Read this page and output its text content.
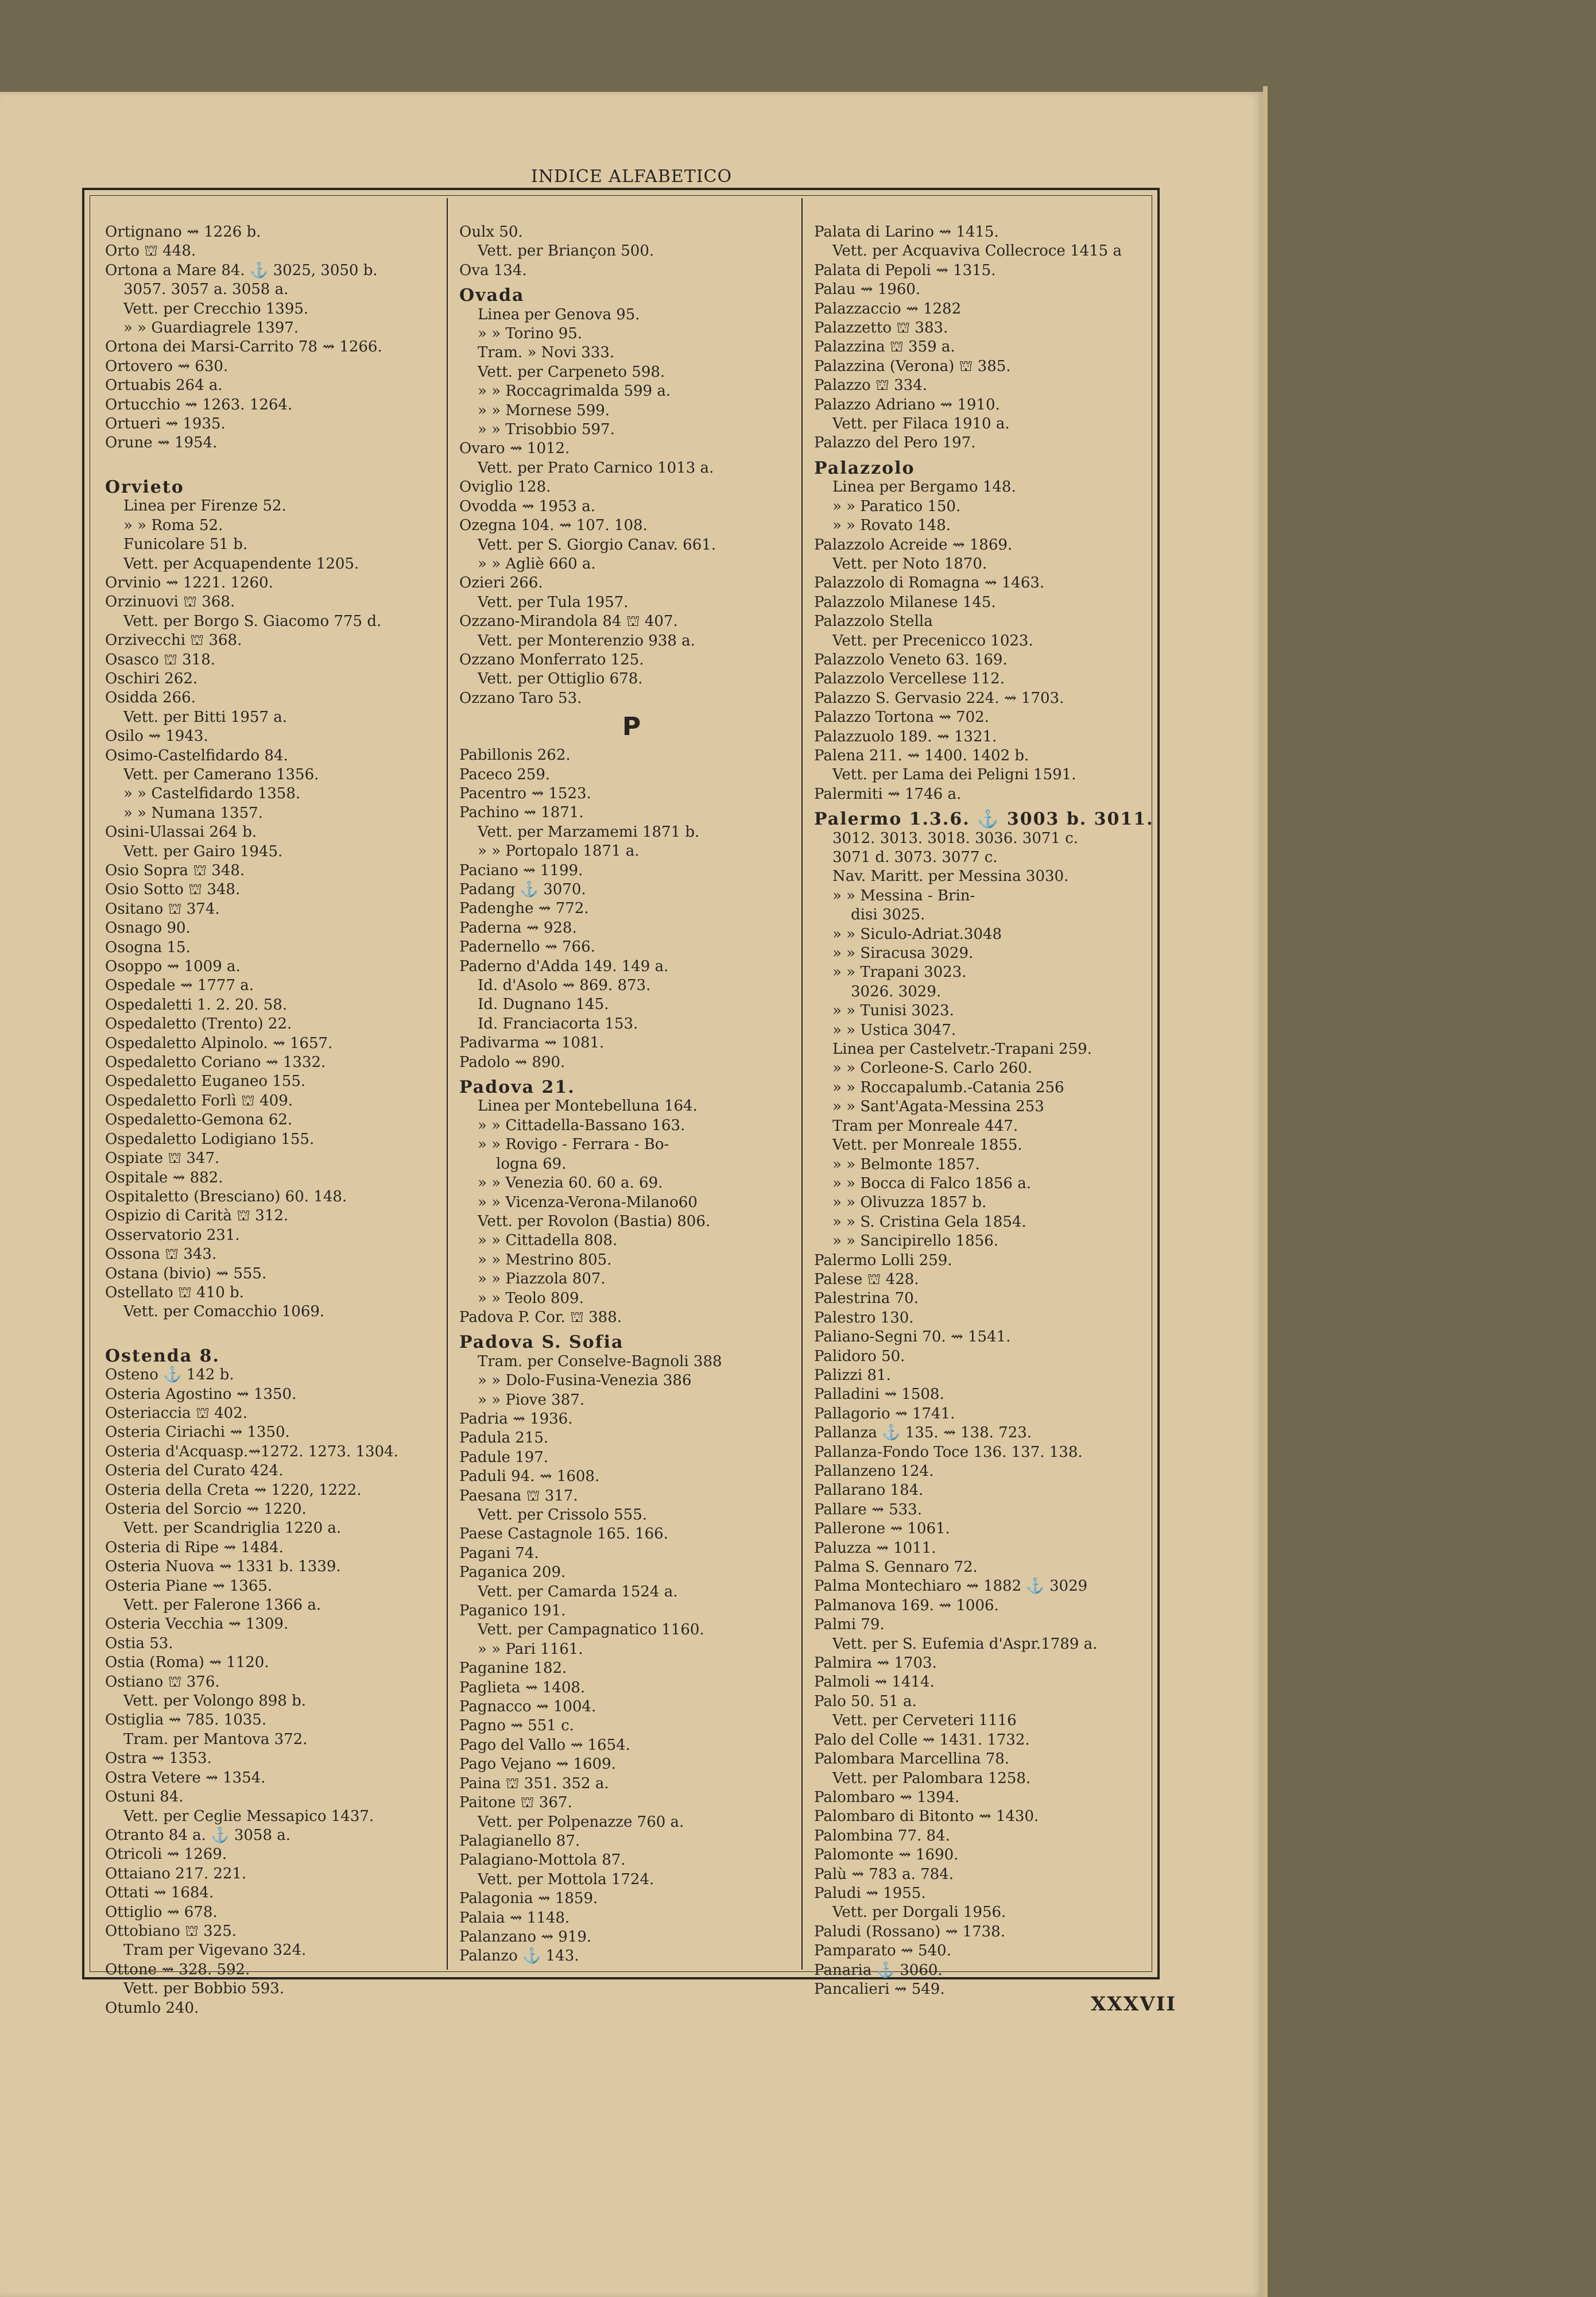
INDICE ALFABETICO
Ortignano ⇝ 1226 b.
Orto ⛫ 448.
Ortona a Mare 84. ⚓ 3025, 3050 b.
3057. 3057 a. 3058 a.
Vett. per Crecchio 1395.
» » Guardiagrele 1397.
Ortona dei Marsi-Carrito 78 ⇝ 1266.
Ortovero ⇝ 630.
Ortuabis 264 a.
Ortucchio ⇝ 1263. 1264.
Ortueri ⇝ 1935.
Orune ⇝ 1954.
Orvieto
Linea per Firenze 52.
» » Roma 52.
Funicolare 51 b.
Vett. per Acquapendente 1205.
Orvinio ⇝ 1221. 1260.
Orzinuovi ⛫ 368.
Vett. per Borgo S. Giacomo 775 d.
Orzivecchi ⛫ 368.
Osasco ⛫ 318.
Oschiri 262.
Osidda 266.
Vett. per Bitti 1957 a.
Osilo ⇝ 1943.
Osimo-Castelfidardo 84.
Vett. per Camerano 1356.
» » Castelfidardo 1358.
» » Numana 1357.
Osini-Ulassai 264 b.
Vett. per Gairo 1945.
Osio Sopra ⛫ 348.
Osio Sotto ⛫ 348.
Ositano ⛫ 374.
Osnago 90.
Osogna 15.
Osoppo ⇝ 1009 a.
Ospedale ⇝ 1777 a.
Ospedaletti 1. 2. 20. 58.
Ospedaletto (Trento) 22.
Ospedaletto Alpinolo. ⇝ 1657.
Ospedaletto Coriano ⇝ 1332.
Ospedaletto Euganeo 155.
Ospedaletto Forlì ⛫ 409.
Ospedaletto-Gemona 62.
Ospedaletto Lodigiano 155.
Ospiate ⛫ 347.
Ospitale ⇝ 882.
Ospitaletto (Bresciano) 60. 148.
Ospizio di Carità ⛫ 312.
Osservatorio 231.
Ossona ⛫ 343.
Ostana (bivio) ⇝ 555.
Ostellato ⛫ 410 b.
Vett. per Comacchio 1069.
Ostenda 8.
Osteno ⚓ 142 b.
Osteria Agostino ⇝ 1350.
Osteriaccia ⛫ 402.
Osteria Ciriachi ⇝ 1350.
Osteria d'Acquasp.⇝1272. 1273. 1304.
Osteria del Curato 424.
Osteria della Creta ⇝ 1220, 1222.
Osteria del Sorcio ⇝ 1220.
Vett. per Scandriglia 1220 a.
Osteria di Ripe ⇝ 1484.
Osteria Nuova ⇝ 1331 b. 1339.
Osteria Piane ⇝ 1365.
Vett. per Falerone 1366 a.
Osteria Vecchia ⇝ 1309.
Ostia 53.
Ostia (Roma) ⇝ 1120.
Ostiano ⛫ 376.
Vett. per Volongo 898 b.
Ostiglia ⇝ 785. 1035.
Tram. per Mantova 372.
Ostra ⇝ 1353.
Ostra Vetere ⇝ 1354.
Ostuni 84.
Vett. per Ceglie Messapico 1437.
Otranto 84 a. ⚓ 3058 a.
Otricoli ⇝ 1269.
Ottaiano 217. 221.
Ottati ⇝ 1684.
Ottiglio ⇝ 678.
Ottobiano ⛫ 325.
Tram per Vigevano 324.
Ottone ⇝ 328. 592.
Vett. per Bobbio 593.
Otumlo 240.
Oulx 50.
Vett. per Briançon 500.
Ova 134.
Ovada
Linea per Genova 95.
» » Torino 95.
Tram. » Novi 333.
Vett. per Carpeneto 598.
» » Roccagrimalda 599 a.
» » Mornese 599.
» » Trisobbio 597.
Ovaro ⇝ 1012.
Vett. per Prato Carnico 1013 a.
Oviglio 128.
Ovodda ⇝ 1953 a.
Ozegna 104. ⇝ 107. 108.
Vett. per S. Giorgio Canav. 661.
» » Agliè 660 a.
Ozieri 266.
Vett. per Tula 1957.
Ozzano-Mirandola 84 ⛫ 407.
Vett. per Monterenzio 938 a.
Ozzano Monferrato 125.
Vett. per Ottiglio 678.
Ozzano Taro 53.
P
Pabillonis 262.
Paceco 259.
Pacentro ⇝ 1523.
Pachino ⇝ 1871.
Vett. per Marzamemi 1871 b.
» » Portopalo 1871 a.
Paciano ⇝ 1199.
Padang ⚓ 3070.
Padenghe ⇝ 772.
Paderna ⇝ 928.
Padernello ⇝ 766.
Paderno d'Adda 149. 149 a.
Id. d'Asolo ⇝ 869. 873.
Id. Dugnano 145.
Id. Franciacorta 153.
Padivarma ⇝ 1081.
Padolo ⇝ 890.
Padova 21.
Linea per Montebelluna 164.
» » Cittadella-Bassano 163.
» » Rovigo - Ferrara - Bo-
logna 69.
» » Venezia 60. 60 a. 69.
» » Vicenza-Verona-Milano60
Vett. per Rovolon (Bastia) 806.
» » Cittadella 808.
» » Mestrino 805.
» » Piazzola 807.
» » Teolo 809.
Padova P. Cor. ⛫ 388.
Padova S. Sofia
Tram. per Conselve-Bagnoli 388
» » Dolo-Fusina-Venezia 386
» » Piove 387.
Padria ⇝ 1936.
Padula 215.
Padule 197.
Paduli 94. ⇝ 1608.
Paesana ⛫ 317.
Vett. per Crissolo 555.
Paese Castagnole 165. 166.
Pagani 74.
Paganica 209.
Vett. per Camarda 1524 a.
Paganico 191.
Vett. per Campagnatico 1160.
» » Pari 1161.
Paganine 182.
Paglieta ⇝ 1408.
Pagnacco ⇝ 1004.
Pagno ⇝ 551 c.
Pago del Vallo ⇝ 1654.
Pago Vejano ⇝ 1609.
Paina ⛫ 351. 352 a.
Paitone ⛫ 367.
Vett. per Polpenazze 760 a.
Palagianello 87.
Palagiano-Mottola 87.
Vett. per Mottola 1724.
Palagonia ⇝ 1859.
Palaia ⇝ 1148.
Palanzano ⇝ 919.
Palanzo ⚓ 143.
Palata di Larino ⇝ 1415.
Vett. per Acquaviva Collecroce 1415 a
Palata di Pepoli ⇝ 1315.
Palau ⇝ 1960.
Palazzaccio ⇝ 1282
Palazzetto ⛫ 383.
Palazzina ⛫ 359 a.
Palazzina (Verona) ⛫ 385.
Palazzo ⛫ 334.
Palazzo Adriano ⇝ 1910.
Vett. per Filaca 1910 a.
Palazzo del Pero 197.
Palazzolo
Linea per Bergamo 148.
» » Paratico 150.
» » Rovato 148.
Palazzolo Acreide ⇝ 1869.
Vett. per Noto 1870.
Palazzolo di Romagna ⇝ 1463.
Palazzolo Milanese 145.
Palazzolo Stella
Vett. per Precenicco 1023.
Palazzolo Veneto 63. 169.
Palazzolo Vercellese 112.
Palazzo S. Gervasio 224. ⇝ 1703.
Palazzo Tortona ⇝ 702.
Palazzuolo 189. ⇝ 1321.
Palena 211. ⇝ 1400. 1402 b.
Vett. per Lama dei Peligni 1591.
Palermiti ⇝ 1746 a.
Palermo 1.3.6. ⚓ 3003 b. 3011.
3012. 3013. 3018. 3036. 3071 c.
3071 d. 3073. 3077 c.
Nav. Maritt. per Messina 3030.
» » Messina - Brin-
disi 3025.
» » Siculo-Adriat.3048
» » Siracusa 3029.
» » Trapani 3023.
3026. 3029.
» » Tunisi 3023.
» » Ustica 3047.
Linea per Castelvetr.-Trapani 259.
» » Corleone-S. Carlo 260.
» » Roccapalumb.-Catania 256
» » Sant'Agata-Messina 253
Tram per Monreale 447.
Vett. per Monreale 1855.
» » Belmonte 1857.
» » Bocca di Falco 1856 a.
» » Olivuzza 1857 b.
» » S. Cristina Gela 1854.
» » Sancipirello 1856.
Palermo Lolli 259.
Palese ⛫ 428.
Palestrina 70.
Palestro 130.
Paliano-Segni 70. ⇝ 1541.
Palidoro 50.
Palizzi 81.
Palladini ⇝ 1508.
Pallagorio ⇝ 1741.
Pallanza ⚓ 135. ⇝ 138. 723.
Pallanza-Fondo Toce 136. 137. 138.
Pallanzeno 124.
Pallarano 184.
Pallare ⇝ 533.
Pallerone ⇝ 1061.
Paluzza ⇝ 1011.
Palma S. Gennaro 72.
Palma Montechiaro ⇝ 1882 ⚓ 3029
Palmanova 169. ⇝ 1006.
Palmi 79.
Vett. per S. Eufemia d'Aspr.1789 a.
Palmira ⇝ 1703.
Palmoli ⇝ 1414.
Palo 50. 51 a.
Vett. per Cerveteri 1116
Palo del Colle ⇝ 1431. 1732.
Palombara Marcellina 78.
Vett. per Palombara 1258.
Palombaro ⇝ 1394.
Palombaro di Bitonto ⇝ 1430.
Palombina 77. 84.
Palomonte ⇝ 1690.
Palù ⇝ 783 a. 784.
Paludi ⇝ 1955.
Vett. per Dorgali 1956.
Paludi (Rossano) ⇝ 1738.
Pamparato ⇝ 540.
Panaria ⚓ 3060.
Pancalieri ⇝ 549.
XXXVII
